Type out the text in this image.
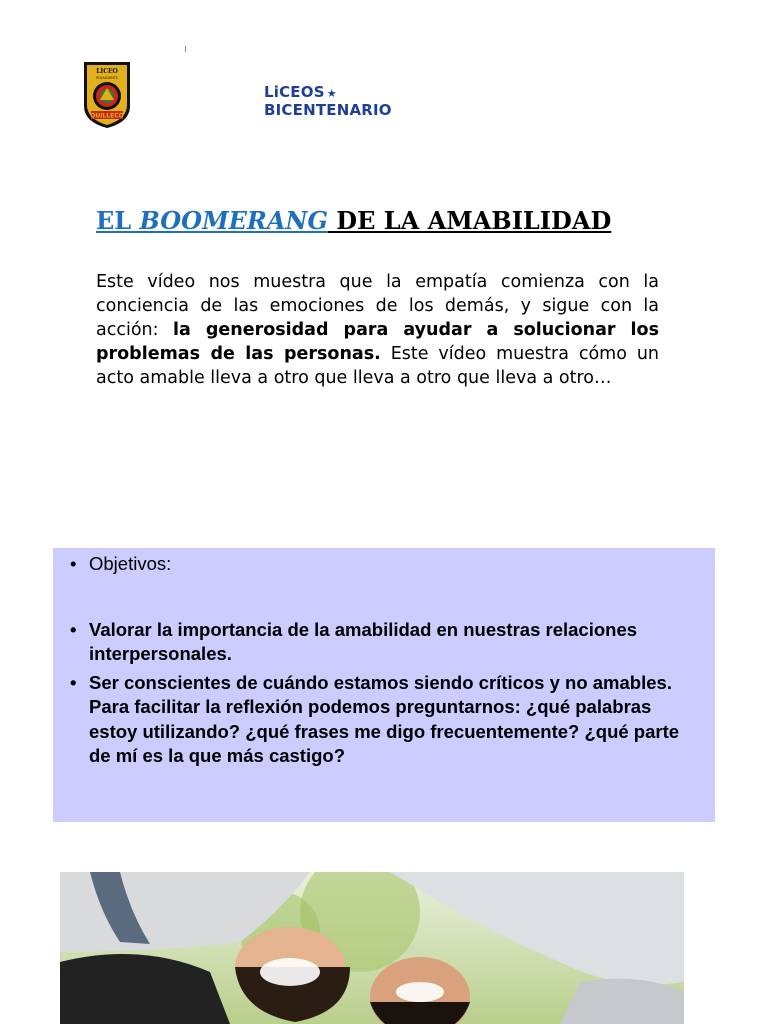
LICEO
POLIVALENTE
QUILLECO
LiCEOS ★
BICENTENARIO
EL BOOMERANG DE LA AMABILIDAD

Este vídeo nos muestra que la empatía comienza con la conciencia de las emociones de los demás, y sigue con la acción: la generosidad para ayudar a solucionar los problemas de las personas. Este vídeo muestra cómo un acto amable lleva a otro que lleva a otro que lleva a otro…

• Objetivos:
• Valorar la importancia de la amabilidad en nuestras relaciones interpersonales.
• Ser conscientes de cuándo estamos siendo críticos y no amables. Para facilitar la reflexión podemos preguntarnos: ¿qué palabras estoy utilizando? ¿qué frases me digo frecuentemente? ¿qué parte de mí es la que más castigo?
